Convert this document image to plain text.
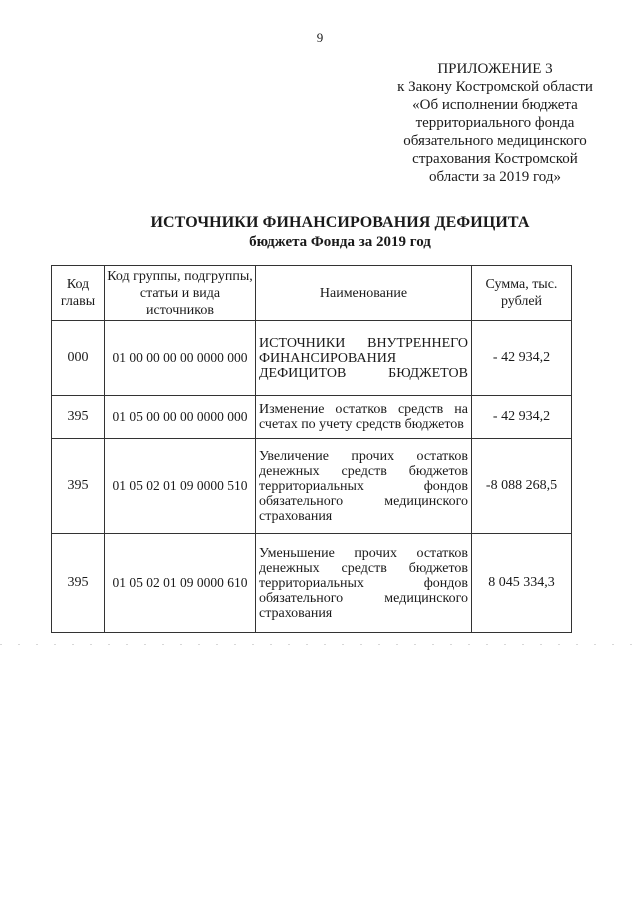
9
ПРИЛОЖЕНИЕ 3
к Закону Костромской области
«Об исполнении бюджета
территориального фонда
обязательного медицинского
страхования Костромской
области за 2019 год»
ИСТОЧНИКИ ФИНАНСИРОВАНИЯ ДЕФИЦИТА
бюджета Фонда за 2019 год
Код главы	Код группы, подгруппы, статьи и вида источников	Наименование	Сумма, тыс. рублей
000	01 00 00 00 00 0000 000	ИСТОЧНИКИ ВНУТРЕННЕГО ФИНАНСИРОВАНИЯ ДЕФИЦИТОВ БЮДЖЕТОВ	- 42 934,2
395	01 05 00 00 00 0000 000	Изменение остатков средств на счетах по учету средств бюджетов	- 42 934,2
395	01 05 02 01 09 0000 510	Увеличение прочих остатков денежных средств бюджетов территориальных фондов обязательного медицинского страхования	-8 088 268,5
395	01 05 02 01 09 0000 610	Уменьшение прочих остатков денежных средств бюджетов территориальных фондов обязательного медицинского страхования	8 045 334,3
